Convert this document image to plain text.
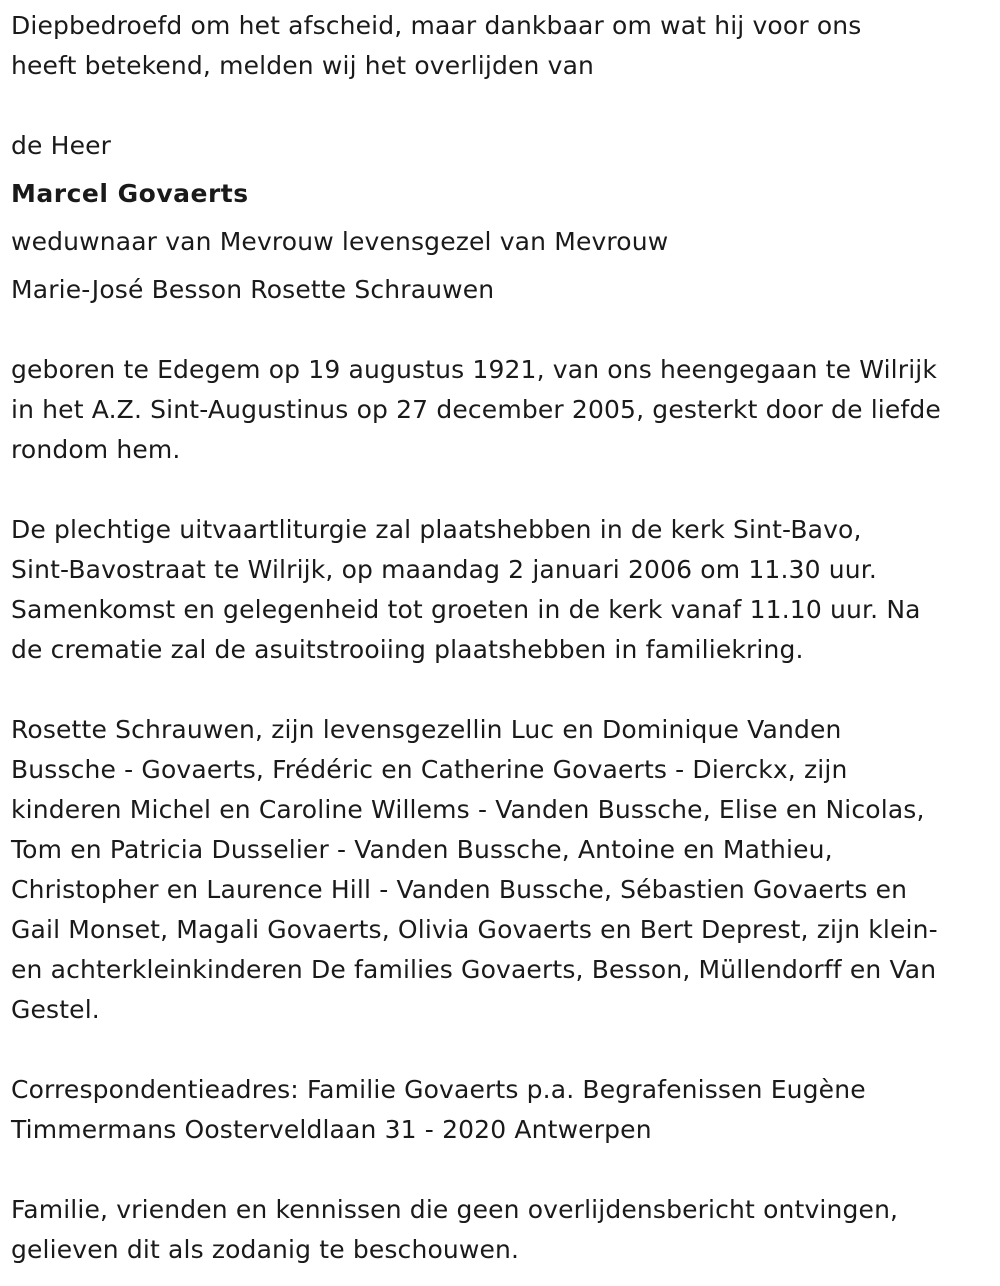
Diepbedroefd om het afscheid, maar dankbaar om wat hij voor ons
heeft betekend, melden wij het overlijden van
de Heer
Marcel Govaerts
weduwnaar van Mevrouw levensgezel van Mevrouw
Marie-José Besson Rosette Schrauwen
geboren te Edegem op 19 augustus 1921, van ons heengegaan te Wilrijk
in het A.Z. Sint-Augustinus op 27 december 2005, gesterkt door de liefde
rondom hem.
De plechtige uitvaartliturgie zal plaatshebben in de kerk Sint-Bavo,
Sint-Bavostraat te Wilrijk, op maandag 2 januari 2006 om 11.30 uur.
Samenkomst en gelegenheid tot groeten in de kerk vanaf 11.10 uur. Na
de crematie zal de asuitstrooiing plaatshebben in familiekring.
Rosette Schrauwen, zijn levensgezellin Luc en Dominique Vanden
Bussche - Govaerts, Frédéric en Catherine Govaerts - Dierckx, zijn
kinderen Michel en Caroline Willems - Vanden Bussche, Elise en Nicolas,
Tom en Patricia Dusselier - Vanden Bussche, Antoine en Mathieu,
Christopher en Laurence Hill - Vanden Bussche, Sébastien Govaerts en
Gail Monset, Magali Govaerts, Olivia Govaerts en Bert Deprest, zijn klein-
en achterkleinkinderen De families Govaerts, Besson, Müllendorff en Van
Gestel.
Correspondentieadres: Familie Govaerts p.a. Begrafenissen Eugène
Timmermans Oosterveldlaan 31 - 2020 Antwerpen
Familie, vrienden en kennissen die geen overlijdensbericht ontvingen,
gelieven dit als zodanig te beschouwen.
